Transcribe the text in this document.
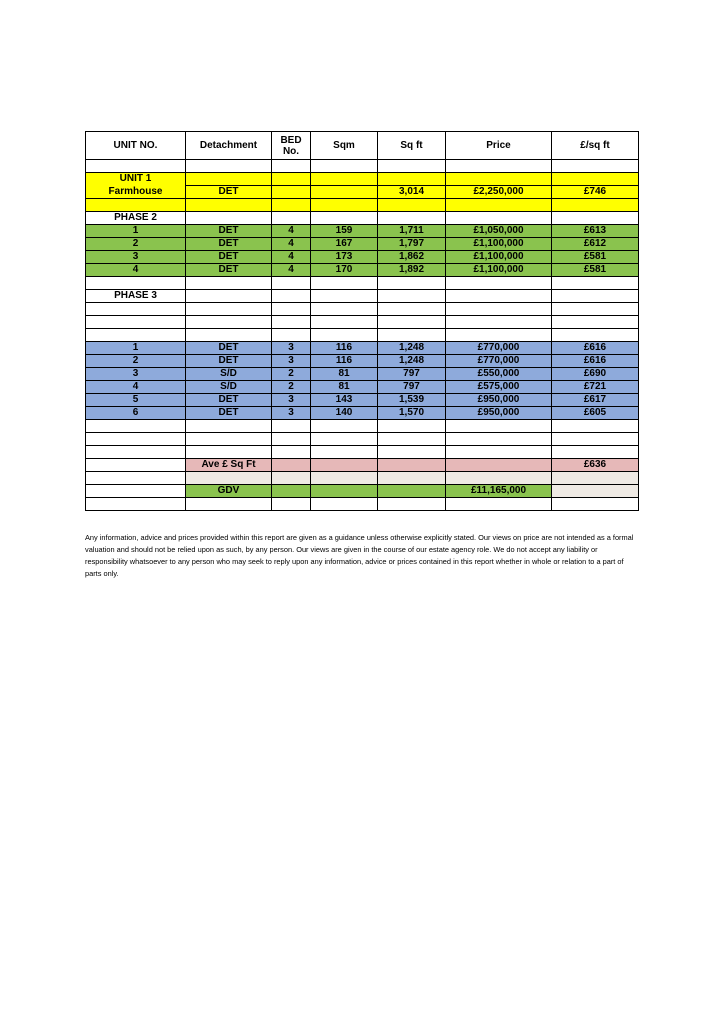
UNIT NO.	Detachment	BED No.	Sqm	Sq ft	Price	£/sq ft

UNIT 1						
Farmhouse	DET			3,014	£2,250,000	£746

PHASE 2						
1	DET	4	159	1,711	£1,050,000	£613
2	DET	4	167	1,797	£1,100,000	£612
3	DET	4	173	1,862	£1,100,000	£581
4	DET	4	170	1,892	£1,100,000	£581

PHASE 3						

1	DET	3	116	1,248	£770,000	£616
2	DET	3	116	1,248	£770,000	£616
3	S/D	2	81	797	£550,000	£690
4	S/D	2	81	797	£575,000	£721
5	DET	3	143	1,539	£950,000	£617
6	DET	3	140	1,570	£950,000	£605

	Ave £ Sq Ft					£636

	GDV				£11,165,000	

Any information, advice and prices provided within this report are given as a guidance unless otherwise explicitly stated. Our views on price are not intended as a formal valuation and should not be relied upon as such, by any person. Our views are given in the course of our estate agency role. We do not accept any liability or responsibility whatsoever to any person who may seek to reply upon any information, advice or prices contained in this report whether in whole or relation to a part of parts only.
